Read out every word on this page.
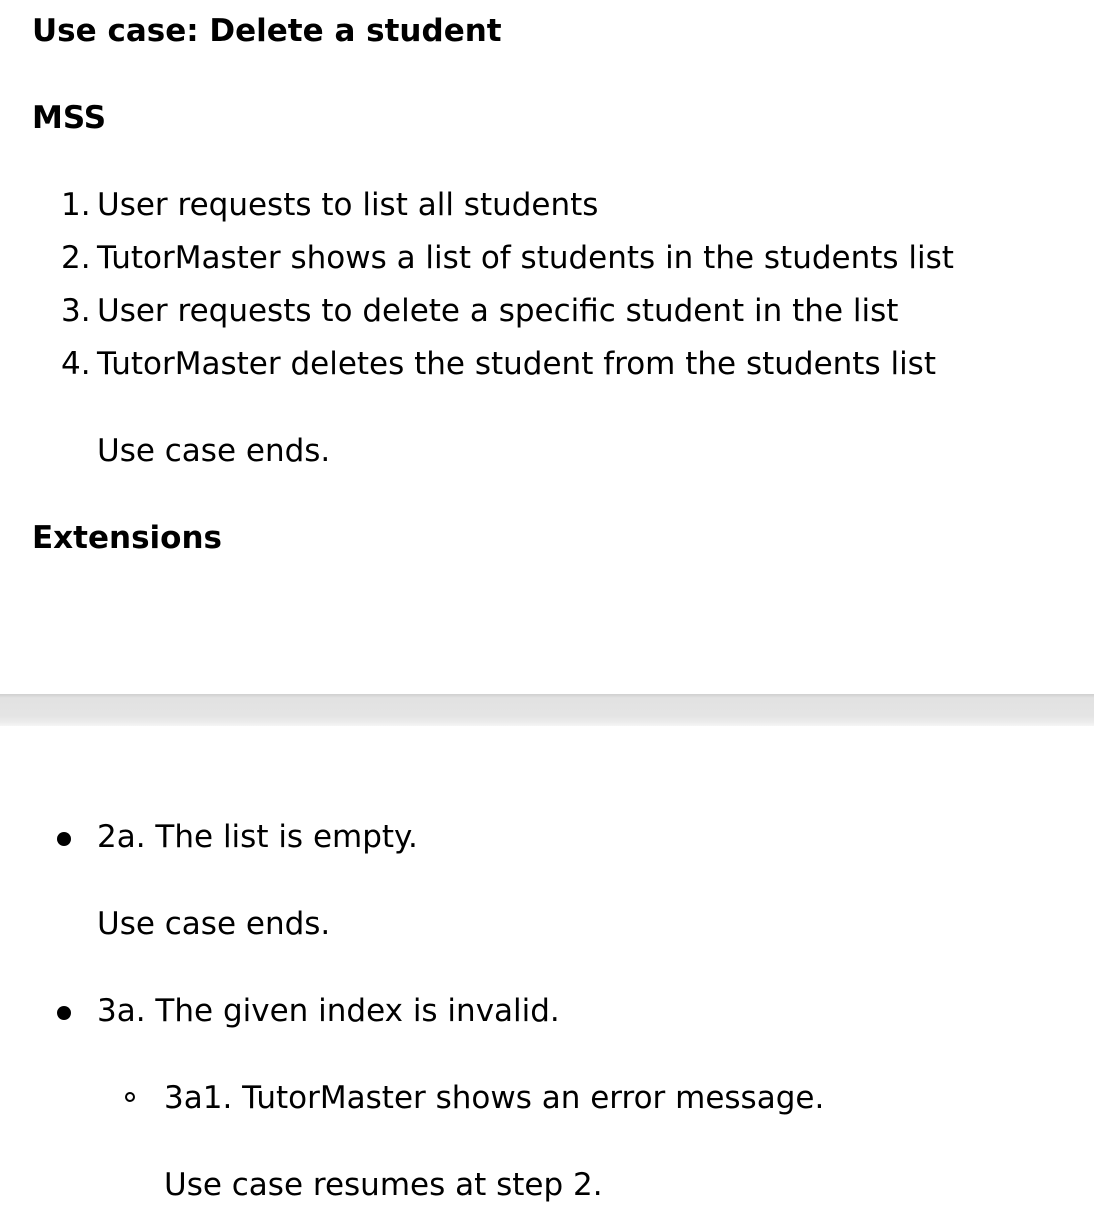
Use case: Delete a student
MSS
1. User requests to list all students
2. TutorMaster shows a list of students in the students list
3. User requests to delete a specific student in the list
4. TutorMaster deletes the student from the students list
Use case ends.
Extensions
2a. The list is empty.
Use case ends.
3a. The given index is invalid.
3a1. TutorMaster shows an error message.
Use case resumes at step 2.
